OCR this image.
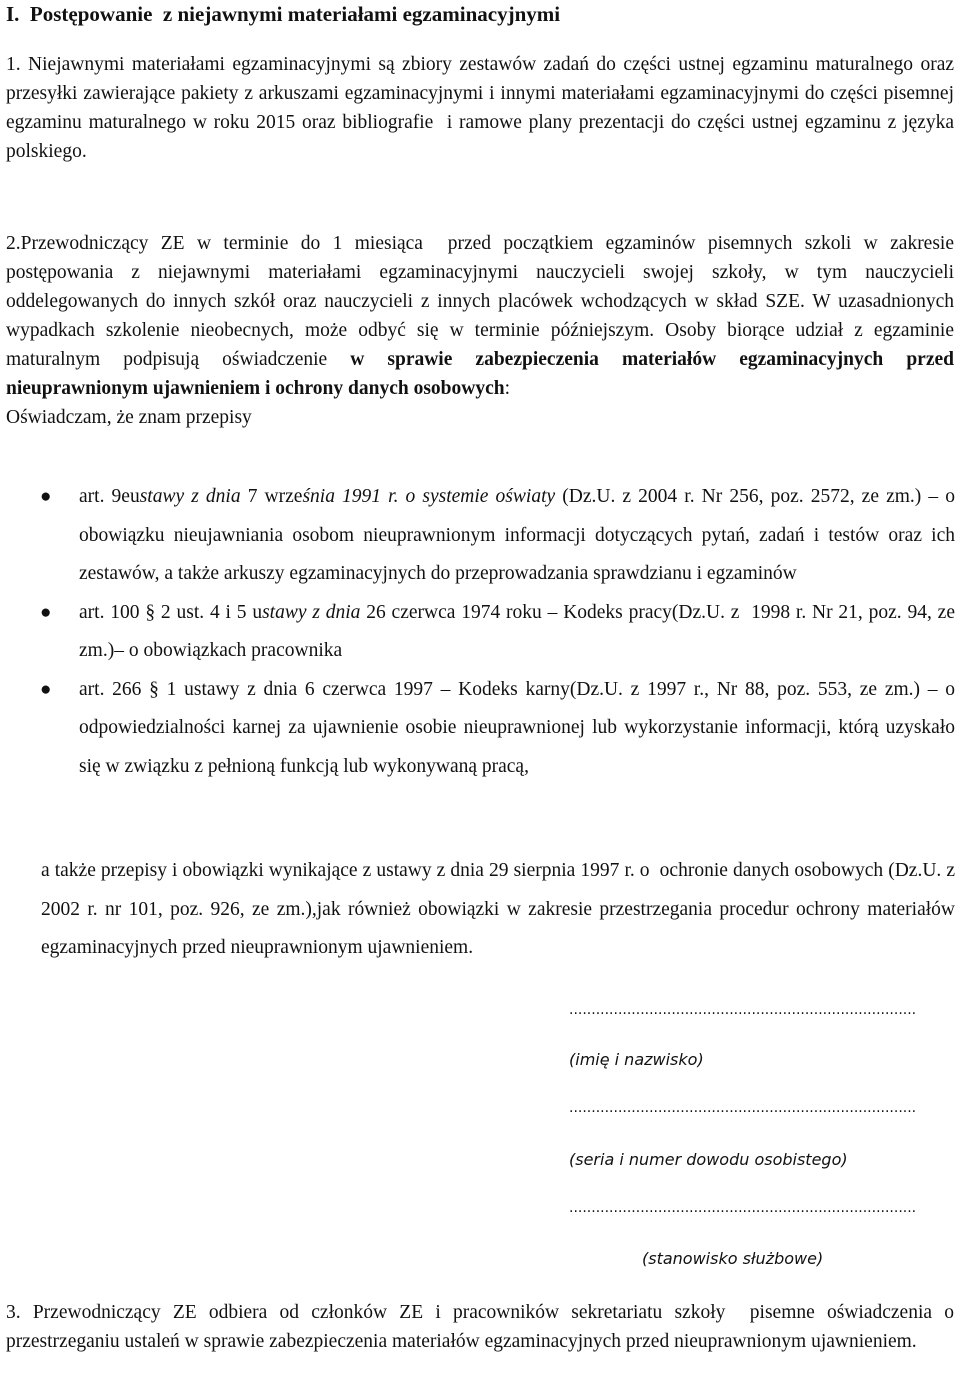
I.  Postępowanie  z niejawnymi materiałami egzaminacyjnymi
1. Niejawnymi materiałami egzaminacyjnymi są zbiory zestawów zadań do części ustnej egzaminu maturalnego oraz przesyłki zawierające pakiety z arkuszami egzaminacyjnymi i innymi materiałami egzaminacyjnymi do części pisemnej egzaminu maturalnego w roku 2015 oraz bibliografie  i ramowe plany prezentacji do części ustnej egzaminu z języka polskiego.
2.Przewodniczący ZE w terminie do 1 miesiąca  przed początkiem egzaminów pisemnych szkoli w zakresie postępowania z niejawnymi materiałami egzaminacyjnymi nauczycieli swojej szkoły, w tym nauczycieli oddelegowanych do innych szkół oraz nauczycieli z innych placówek wchodzących w skład SZE. W uzasadnionych wypadkach szkolenie nieobecnych, może odbyć się w terminie późniejszym. Osoby biorące udział z egzaminie maturalnym podpisują oświadczenie w sprawie zabezpieczenia materiałów egzaminacyjnych przed nieuprawnionym ujawnieniem i ochrony danych osobowych:
Oświadczam, że znam przepisy
● art. 9eustawy z dnia 7 września 1991 r. o systemie oświaty (Dz.U. z 2004 r. Nr 256, poz. 2572, ze zm.) – o obowiązku nieujawniania osobom nieuprawnionym informacji dotyczących pytań, zadań i testów oraz ich zestawów, a także arkuszy egzaminacyjnych do przeprowadzania sprawdzianu i egzaminów
● art. 100 § 2 ust. 4 i 5 ustawy z dnia 26 czerwca 1974 roku – Kodeks pracy(Dz.U. z  1998 r. Nr 21, poz. 94, ze zm.)– o obowiązkach pracownika
● art. 266 § 1 ustawy z dnia 6 czerwca 1997 – Kodeks karny(Dz.U. z 1997 r., Nr 88, poz. 553, ze zm.) – o odpowiedzialności karnej za ujawnienie osobie nieuprawnionej lub wykorzystanie informacji, którą uzyskało się w związku z pełnioną funkcją lub wykonywaną pracą,
a także przepisy i obowiązki wynikające z ustawy z dnia 29 sierpnia 1997 r. o  ochronie danych osobowych (Dz.U. z 2002 r. nr 101, poz. 926, ze zm.),jak również obowiązki w zakresie przestrzegania procedur ochrony materiałów egzaminacyjnych przed nieuprawnionym ujawnieniem.
..............................................................................
(imię i nazwisko)
..............................................................................
(seria i numer dowodu osobistego)
..............................................................................
(stanowisko służbowe)
3. Przewodniczący ZE odbiera od członków ZE i pracowników sekretariatu szkoły  pisemne oświadczenia o przestrzeganiu ustaleń w sprawie zabezpieczenia materiałów egzaminacyjnych przed nieuprawnionym ujawnieniem.
